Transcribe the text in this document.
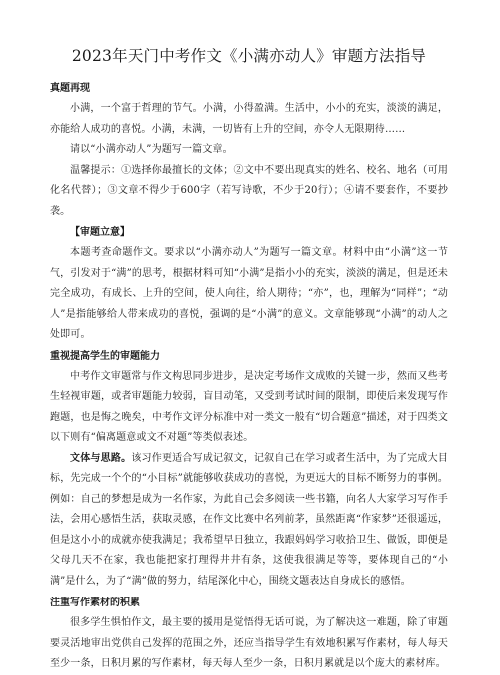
2023年天门中考作文《小满亦动人》审题方法指导
真题再现

小满，一个富于哲理的节气。小满，小得盈满。生活中，小小的充实，淡淡的满足，亦能给人成功的喜悦。小满，未满，一切皆有上升的空间，亦令人无限期待……

请以“小满亦动人”为题写一篇文章。

温馨提示：①选择你最擅长的文体；②文中不要出现真实的姓名、校名、地名（可用化名代替）；③文章不得少于600字（若写诗歌，不少于20行）；④请不要套作，不要抄袭。

【审题立意】

本题考查命题作文。要求以“小满亦动人”为题写一篇文章。材料中由“小满”这一节气，引发对于“满”的思考，根据材料可知“小满”是指小小的充实，淡淡的满足，但是还未完全成功，有成长、上升的空间，使人向往，给人期待；“亦”，也，理解为“同样”；“动人”是指能够给人带来成功的喜悦，强调的是“小满”的意义。文章能够现“小满”的动人之处即可。

重视提高学生的审题能力

中考作文审题常与作文构思同步进步，是决定考场作文成败的关键一步，然而又些考生轻视审题，或者审题能力较弱，盲目动笔，又受到考试时间的限制，即使后来发现写作跑题，也是悔之晚矣，中考作文评分标准中对一类文一般有“切合题意”描述，对于四类文以下则有“偏离题意或文不对题”等类似表述。

文体与思路。该习作更适合写成记叙文，记叙自己在学习或者生活中，为了完成大目标，先完成一个个的“小目标”就能够收获成功的喜悦，为更远大的目标不断努力的事例。例如：自己的梦想是成为一名作家，为此自己会多阅读一些书籍，向名人大家学习写作手法，会用心感悟生活，获取灵感，在作文比赛中名列前茅，虽然距离“作家梦”还很遥远，但是这小小的成就亦使我满足；我希望早日独立，我跟妈妈学习收拾卫生、做饭，即便是父母几天不在家，我也能把家打理得井井有条，这使我很满足等等，要体现自己的“小满”是什么，为了“满”做的努力，结尾深化中心，围绕文题表达自身成长的感悟。

注重写作素材的积累

很多学生惧怕作文，最主要的援用是觉悟得无话可说，为了解决这一难题，除了审题要灵活地审出党供自己发挥的范围之外，还应当指导学生有效地积累写作素材，每人每天至少一条，日积月累的写作素材，每天每人至少一条，日积月累就是以个庞大的素材库。
